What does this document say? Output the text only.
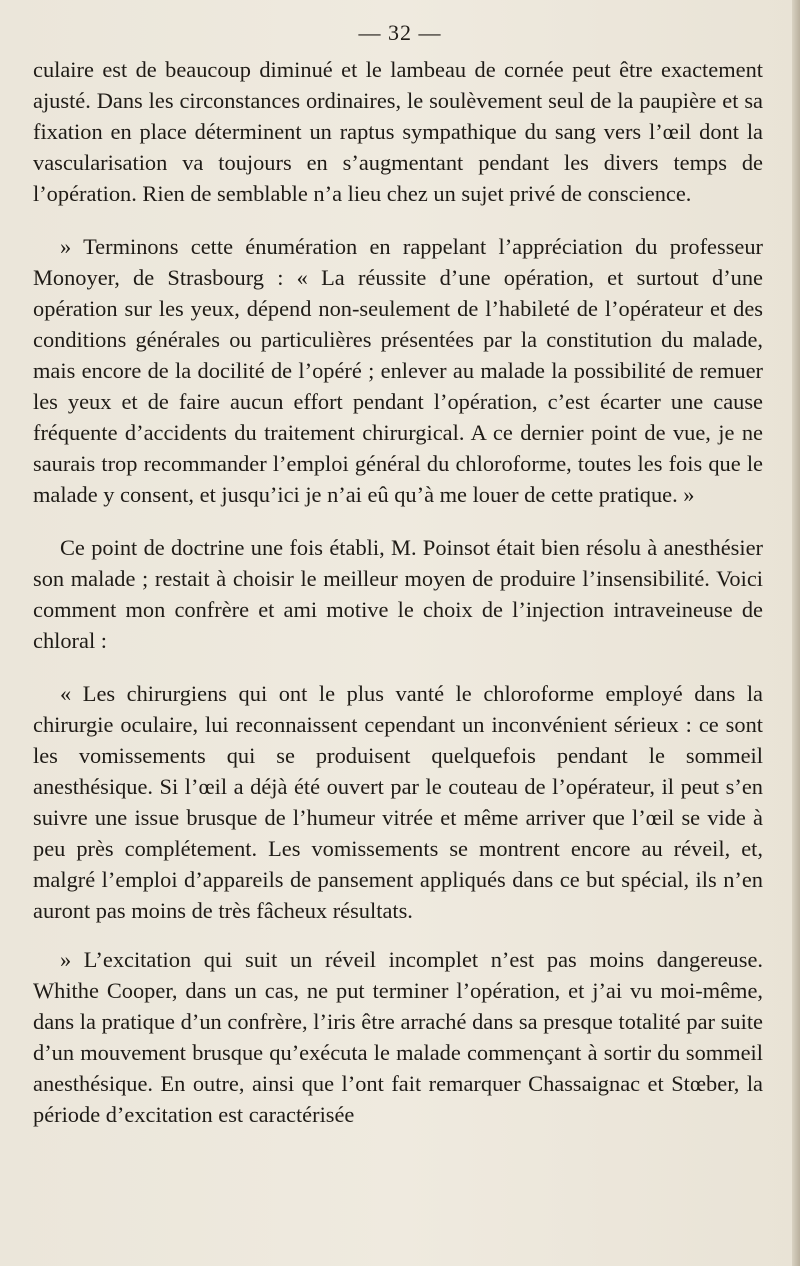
— 32 —

culaire est de beaucoup diminué et le lambeau de cornée peut être exactement ajusté. Dans les circonstances ordinaires, le soulèvement seul de la paupière et sa fixation en place déterminent un raptus sympathique du sang vers l’œil dont la vascularisation va toujours en s’augmentant pendant les divers temps de l’opération. Rien de semblable n’a lieu chez un sujet privé de conscience.

» Terminons cette énumération en rappelant l’appréciation du professeur Monoyer, de Strasbourg : « La réussite d’une opération, et surtout d’une opération sur les yeux, dépend non-seulement de l’habileté de l’opérateur et des conditions générales ou particulières présentées par la constitution du malade, mais encore de la docilité de l’opéré ; enlever au malade la possibilité de remuer les yeux et de faire aucun effort pendant l’opération, c’est écarter une cause fréquente d’accidents du traitement chirurgical. A ce dernier point de vue, je ne saurais trop recommander l’emploi général du chloroforme, toutes les fois que le malade y consent, et jusqu’ici je n’ai eû qu’à me louer de cette pratique. »

Ce point de doctrine une fois établi, M. Poinsot était bien résolu à anesthésier son malade ; restait à choisir le meilleur moyen de produire l’insensibilité. Voici comment mon confrère et ami motive le choix de l’injection intraveineuse de chloral :

« Les chirurgiens qui ont le plus vanté le chloroforme employé dans la chirurgie oculaire, lui reconnaissent cependant un inconvénient sérieux : ce sont les vomissements qui se produisent quelquefois pendant le sommeil anesthésique. Si l’œil a déjà été ouvert par le couteau de l’opérateur, il peut s’en suivre une issue brusque de l’humeur vitrée et même arriver que l’œil se vide à peu près complétement. Les vomissements se montrent encore au réveil, et, malgré l’emploi d’appareils de pansement appliqués dans ce but spécial, ils n’en auront pas moins de très fâcheux résultats.

» L’excitation qui suit un réveil incomplet n’est pas moins dangereuse. Whithe Cooper, dans un cas, ne put terminer l’opération, et j’ai vu moi-même, dans la pratique d’un confrère, l’iris être arraché dans sa presque totalité par suite d’un mouvement brusque qu’exécuta le malade commençant à sortir du sommeil anesthésique. En outre, ainsi que l’ont fait remarquer Chassaignac et Stœber, la période d’excitation est caractérisée
